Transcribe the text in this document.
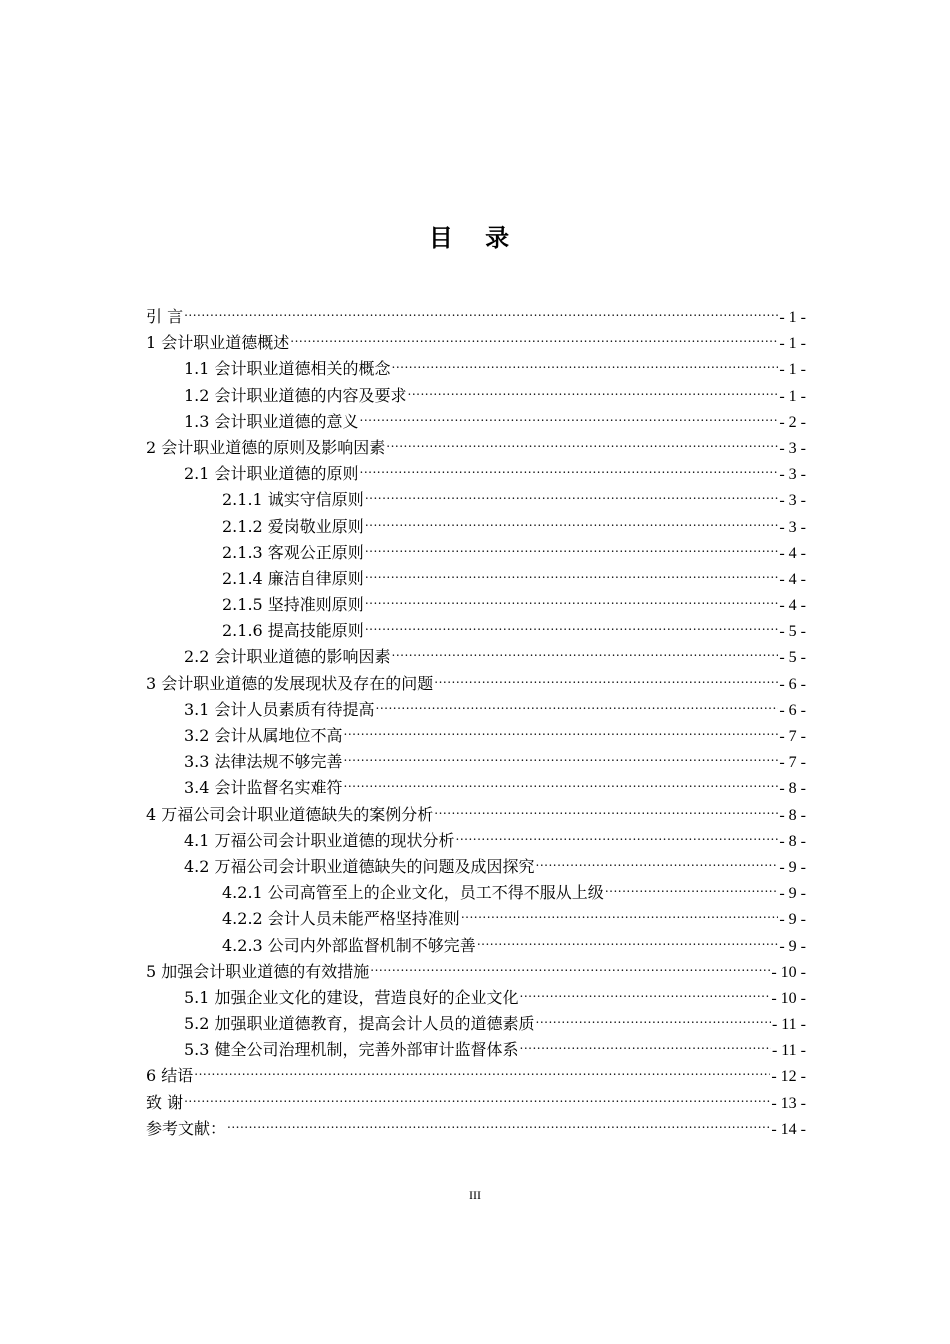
目 录
引 言 .....	- 1 -
1 会计职业道德概述 .....	- 1 -
1.1 会计职业道德相关的概念 .....	- 1 -
1.2 会计职业道德的内容及要求 .....	- 1 -
1.3 会计职业道德的意义 .....	- 2 -
2 会计职业道德的原则及影响因素 .....	- 3 -
2.1 会计职业道德的原则 .....	- 3 -
2.1.1 诚实守信原则 .....	- 3 -
2.1.2 爱岗敬业原则 .....	- 3 -
2.1.3 客观公正原则 .....	- 4 -
2.1.4 廉洁自律原则 .....	- 4 -
2.1.5 坚持准则原则 .....	- 4 -
2.1.6 提高技能原则 .....	- 5 -
2.2 会计职业道德的影响因素 .....	- 5 -
3 会计职业道德的发展现状及存在的问题 .....	- 6 -
3.1 会计人员素质有待提高 .....	- 6 -
3.2 会计从属地位不高 .....	- 7 -
3.3 法律法规不够完善 .....	- 7 -
3.4 会计监督名实难符 .....	- 8 -
4 万福公司会计职业道德缺失的案例分析 .....	- 8 -
4.1 万福公司会计职业道德的现状分析 .....	- 8 -
4.2 万福公司会计职业道德缺失的问题及成因探究 .....	- 9 -
4.2.1 公司高管至上的企业文化，员工不得不服从上级 .....	- 9 -
4.2.2 会计人员未能严格坚持准则 .....	- 9 -
4.2.3 公司内外部监督机制不够完善 .....	- 9 -
5 加强会计职业道德的有效措施 .....	- 10 -
5.1 加强企业文化的建设，营造良好的企业文化 .....	- 10 -
5.2 加强职业道德教育，提高会计人员的道德素质 .....	- 11 -
5.3 健全公司治理机制，完善外部审计监督体系 .....	- 11 -
6 结语 .....	- 12 -
致 谢 .....	- 13 -
参考文献： .....	- 14 -
III
